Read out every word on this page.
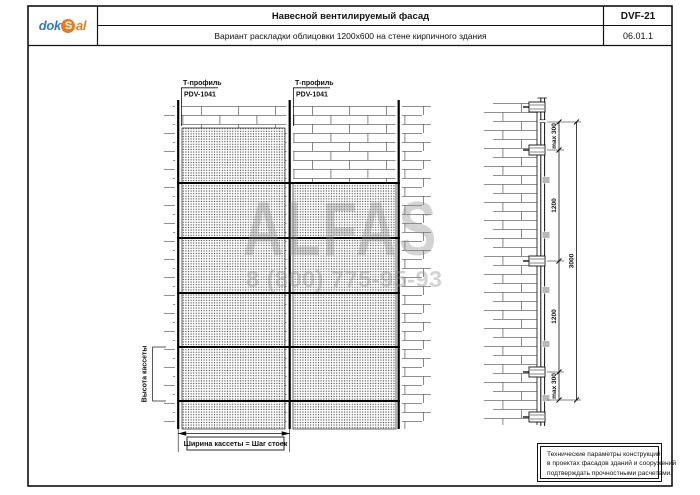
Т-профиль
PDV-1041
Т-профиль
PDV-1041
Высота кассеты
Ширина кассеты = Шаг стоек
max 300
1200
1200
max 300
3000
ALFAS
8 (800) 775-95-93
dok S al
Навесной вентилируемый фасад
Вариант раскладки облицовки 1200x600 на стене кирпичного здания
DVF-21
06.01.1
Технические параметры конструкций
в проектах фасадов зданий и сооружений
подтверждать прочностными расчетами.
